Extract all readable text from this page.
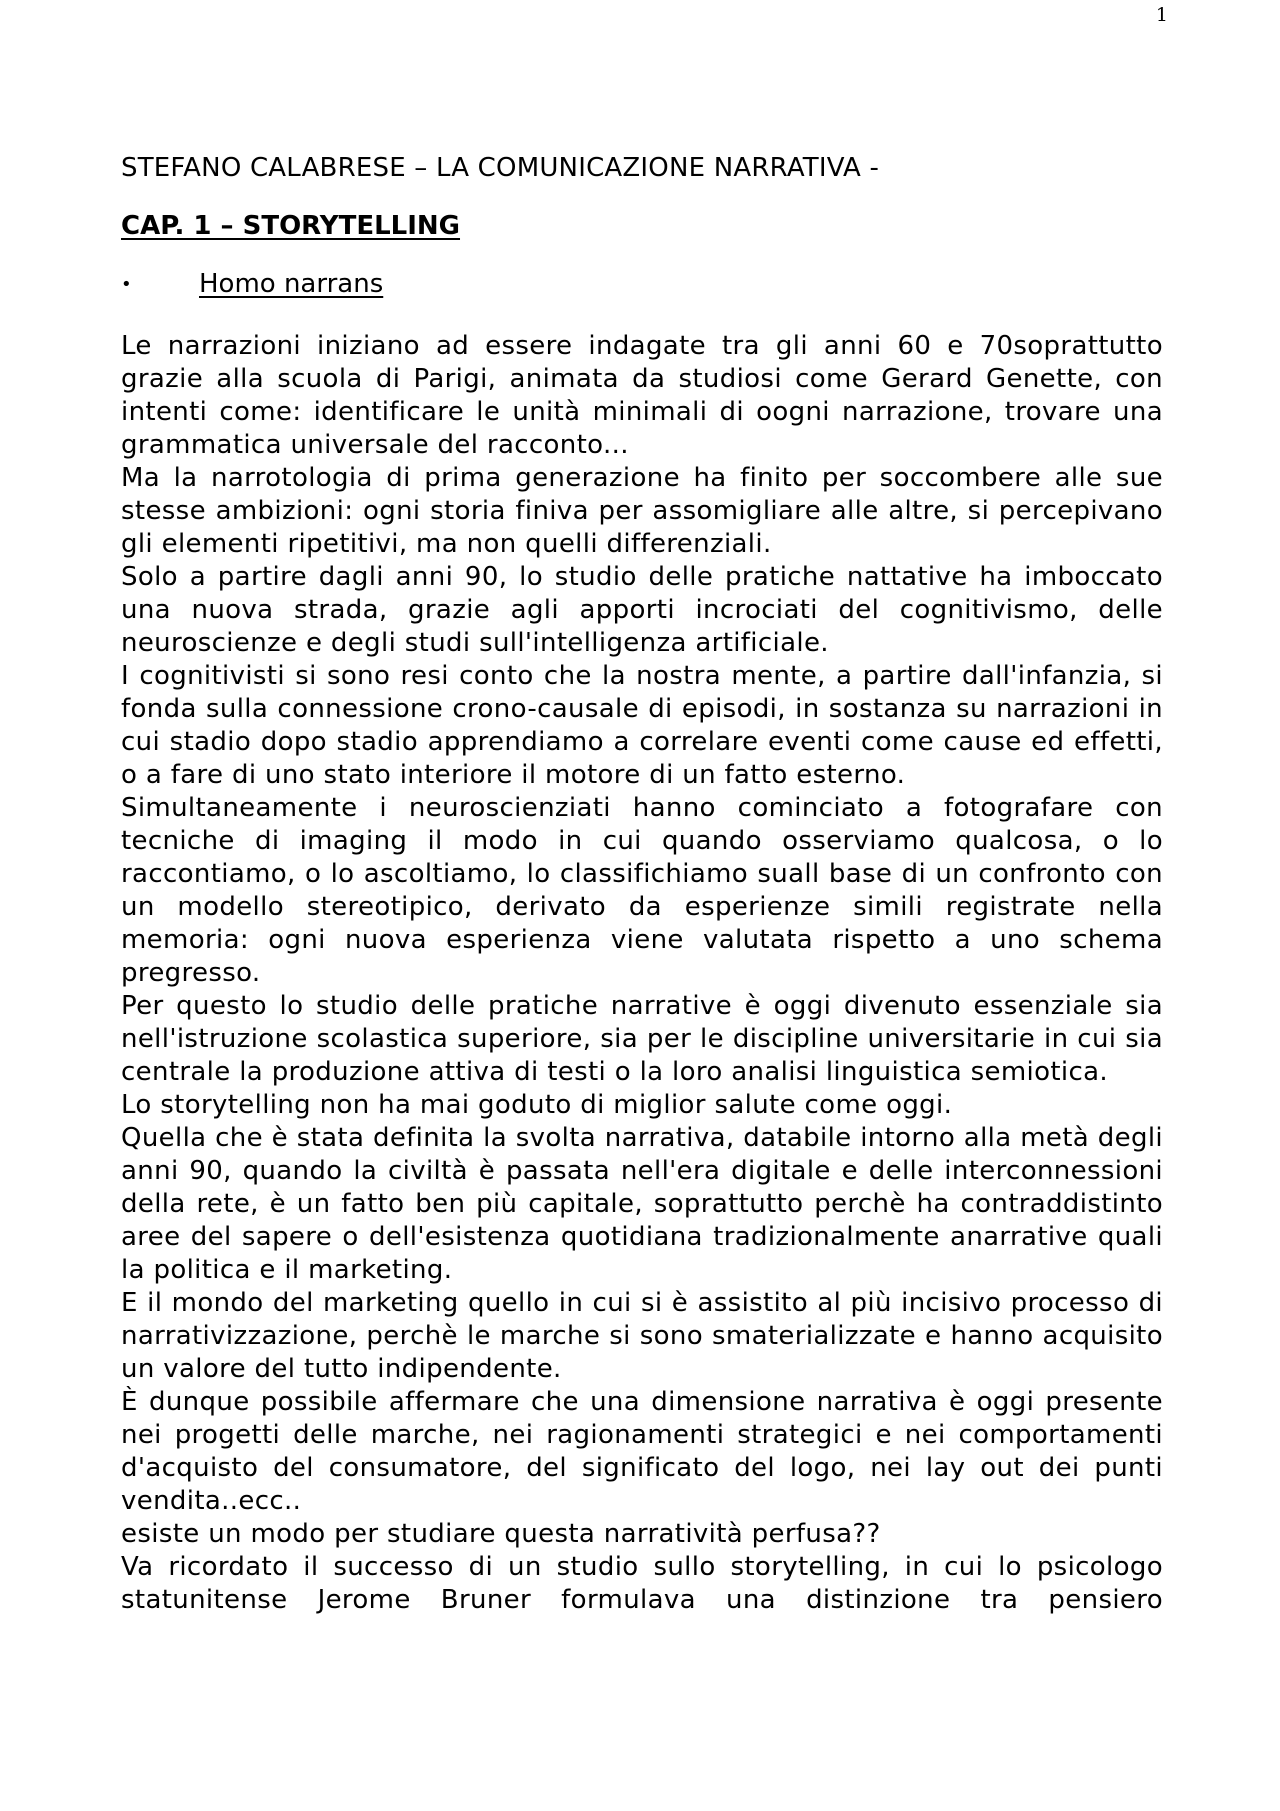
1
STEFANO CALABRESE – LA COMUNICAZIONE NARRATIVA -
CAP. 1 – STORYTELLING
•	Homo narrans

Le narrazioni iniziano ad essere indagate tra gli anni 60 e 70soprattutto grazie alla scuola di Parigi, animata da studiosi come Gerard Genette, con intenti come: identificare le unità minimali di oogni narrazione, trovare una grammatica universale del racconto...

Ma la narrotologia di prima generazione ha finito per soccombere alle sue stesse ambizioni: ogni storia finiva per assomigliare alle altre, si percepivano gli elementi ripetitivi, ma non quelli differenziali.

Solo a partire dagli anni 90, lo studio delle pratiche nattative ha imboccato una nuova strada, grazie agli apporti incrociati del cognitivismo, delle neuroscienze e degli studi sull'intelligenza artificiale.

I cognitivisti si sono resi conto che la nostra mente, a partire dall'infanzia, si fonda sulla connessione crono-causale di episodi, in sostanza su narrazioni in cui stadio dopo stadio apprendiamo a correlare eventi come cause ed effetti, o a fare di uno stato interiore il motore di un fatto esterno.

Simultaneamente i neuroscienziati hanno cominciato a fotografare con tecniche di imaging il modo in cui quando osserviamo qualcosa, o lo raccontiamo, o lo ascoltiamo, lo classifichiamo suall base di un confronto con un modello stereotipico, derivato da esperienze simili registrate nella memoria: ogni nuova esperienza viene valutata rispetto a uno schema pregresso.

Per questo lo studio delle pratiche narrative è oggi divenuto essenziale sia nell'istruzione scolastica superiore, sia per le discipline universitarie in cui sia centrale la produzione attiva di testi o la loro analisi linguistica semiotica.

Lo storytelling non ha mai goduto di miglior salute come oggi.

Quella che è stata definita la svolta narrativa, databile intorno alla metà degli anni 90, quando la civiltà è passata nell'era digitale e delle interconnessioni della rete, è un fatto ben più capitale, soprattutto perchè ha contraddistinto aree del sapere o dell'esistenza quotidiana tradizionalmente anarrative quali la politica e il marketing.

E il mondo del marketing quello in cui si è assistito al più incisivo processo di narrativizzazione, perchè le marche si sono smaterializzate e hanno acquisito un valore del tutto indipendente.

È dunque possibile affermare che una dimensione narrativa è oggi presente nei progetti delle marche, nei ragionamenti strategici e nei comportamenti d'acquisto del consumatore, del significato del logo, nei lay out dei punti vendita..ecc..

esiste un modo per studiare questa narratività perfusa??

Va ricordato il successo di un studio sullo storytelling, in cui lo psicologo statunitense Jerome Bruner formulava una distinzione tra pensiero
